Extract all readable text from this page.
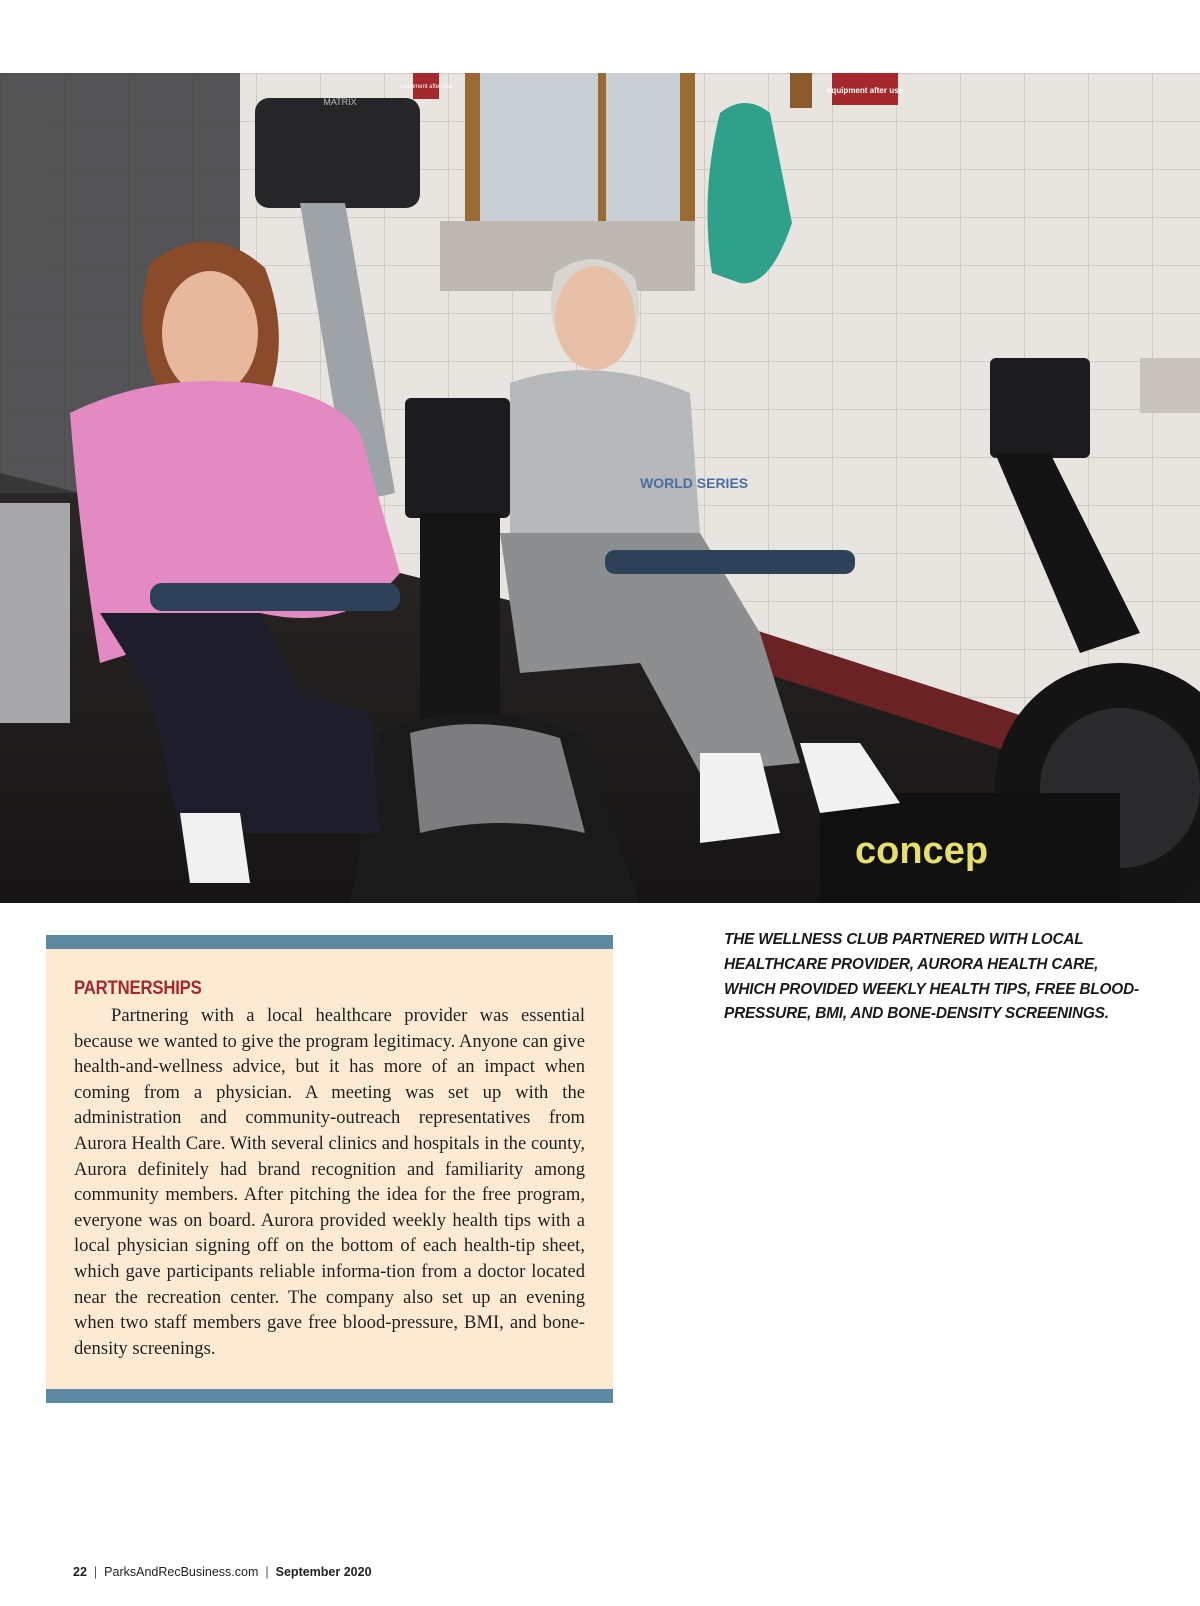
equipment after use	equipment after use
MATRIX
concep
WORLD SERIES
PARTNERSHIPS
Partnering with a local healthcare provider was essential because we wanted to give the program legitimacy. Anyone can give health-and-wellness advice, but it has more of an impact when coming from a physician. A meeting was set up with the administration and community-outreach representatives from Aurora Health Care. With several clinics and hospitals in the county, Aurora definitely had brand recognition and familiarity among community members. After pitching the idea for the free program, everyone was on board. Aurora provided weekly health tips with a local physician signing off on the bottom of each health-tip sheet, which gave participants reliable informa-tion from a doctor located near the recreation center. The company also set up an evening when two staff members gave free blood-pressure, BMI, and bone-density screenings.
THE WELLNESS CLUB PARTNERED WITH LOCAL HEALTHCARE PROVIDER, AURORA HEALTH CARE, WHICH PROVIDED WEEKLY HEALTH TIPS, FREE BLOOD-PRESSURE, BMI, AND BONE-DENSITY SCREENINGS.
22 | ParksAndRecBusiness.com | September 2020
